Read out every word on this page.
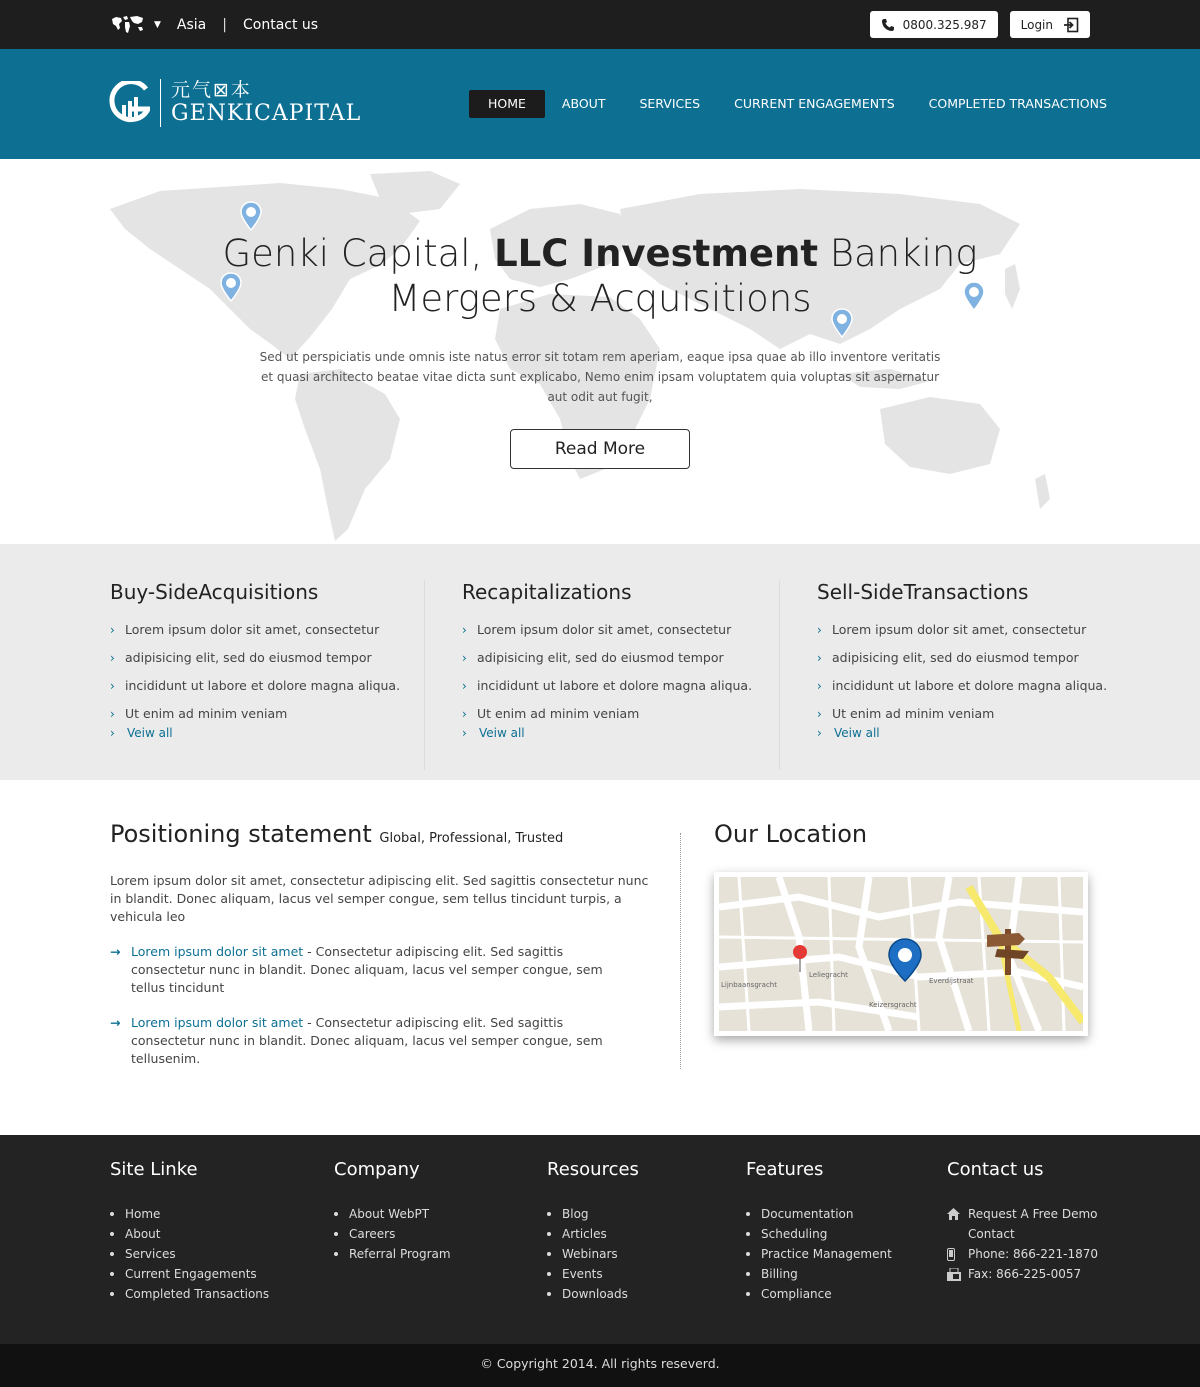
▼ Asia | Contact us	0800.325.987	Login
元气⊠本
GENKICAPITAL	HOME	ABOUT	SERVICES	CURRENT ENGAGEMENTS	COMPLETED TRANSACTIONS
Genki Capital, LLC Investment Banking
Mergers & Acquisitions
Sed ut perspiciatis unde omnis iste natus error sit totam rem aperiam, eaque ipsa quae ab illo inventore veritatis et quasi architecto beatae vitae dicta sunt explicabo, Nemo enim ipsam voluptatem quia voluptas sit aspernatur aut odit aut fugit,
Read More
Buy-SideAcquisitions
› Lorem ipsum dolor sit amet, consectetur
› adipisicing elit, sed do eiusmod tempor
› incididunt ut labore et dolore magna aliqua.
› Ut enim ad minim veniam
›	Veiw all
Recapitalizations
› Lorem ipsum dolor sit amet, consectetur
› adipisicing elit, sed do eiusmod tempor
› incididunt ut labore et dolore magna aliqua.
› Ut enim ad minim veniam
›	Veiw all
Sell-SideTransactions
› Lorem ipsum dolor sit amet, consectetur
› adipisicing elit, sed do eiusmod tempor
› incididunt ut labore et dolore magna aliqua.
› Ut enim ad minim veniam
›	Veiw all
Positioning statement Global, Professional, Trusted

Lorem ipsum dolor sit amet, consectetur adipiscing elit. Sed sagittis consectetur nunc in blandit. Donec aliquam, lacus vel semper congue, sem tellus tincidunt turpis, a vehicula leo

→ Lorem ipsum dolor sit amet - Consectetur adipiscing elit. Sed sagittis consectetur nunc in blandit. Donec aliquam, lacus vel semper congue, sem tellus tincidunt

→ Lorem ipsum dolor sit amet - Consectetur adipiscing elit. Sed sagittis consectetur nunc in blandit. Donec aliquam, lacus vel semper congue, sem tellusenim.

Our Location
Lijnbaansgracht
Leliegracht
Keizersgracht
Everdijstraat
Site Linke
Home
About
Services
Current Engagements
Completed Transactions
Company
About WebPT
Careers
Referral Program
Resources
Blog
Articles
Webinars
Events
Downloads
Features
Documentation
Scheduling
Practice Management
Billing
Compliance
Contact us
Request A Free Demo
Contact
Phone: 866-221-1870
Fax: 866-225-0057
© Copyright 2014. All rights reseverd.
